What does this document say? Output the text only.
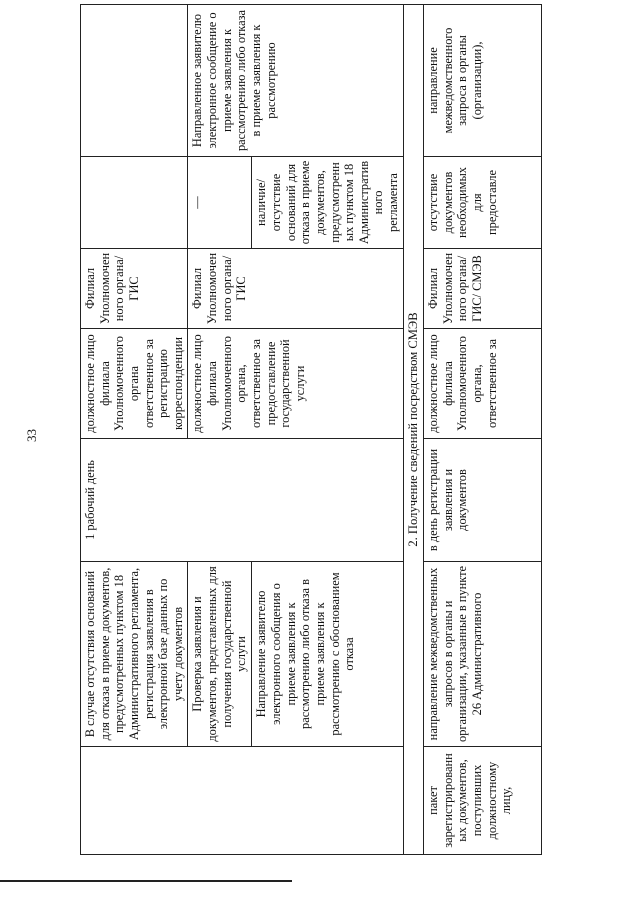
33

	В случае отсутствия оснований для отказа в приеме документов, предусмотренных пунктом 18 Административного регламента, регистрация заявления в электронной базе данных по учету документов	1 рабочий день	должностное лицо филиала Уполномоченного органа ответственное за регистрацию корреспонденции	Филиал Уполномоченного органа/ГИС		

	Проверка заявления и документов, представленных для получения государственной услуги		должностное лицо филиала Уполномоченного органа, ответственное за предоставление государственной услуги	Филиал Уполномоченного органа/ГИС	—	Направленное заявителю электронное сообщение о приеме заявления к рассмотрению либо отказа в приеме заявления к рассмотрению

	Направление заявителю электронного сообщения о приеме заявления к рассмотрению либо отказа в приеме заявления к рассмотрению с обоснованием отказа				наличие/отсутствие оснований для отказа в приеме документов, предусмотренных пунктом 18 Административного регламента	

2. Получение сведений посредством СМЭВ						

пакет зарегистрированных документов, поступивших должностному лицу,	направление межведомственных запросов в органы и организации, указанные в пункте 26 Административного	в день регистрации заявления и документов	должностное лицо филиала Уполномоченного органа, ответственное за	Филиал Уполномоченного органа/ГИС/ СМЭВ	отсутствие документов необходимых для предоставле	направление межведомственного запроса в органы (организации),
